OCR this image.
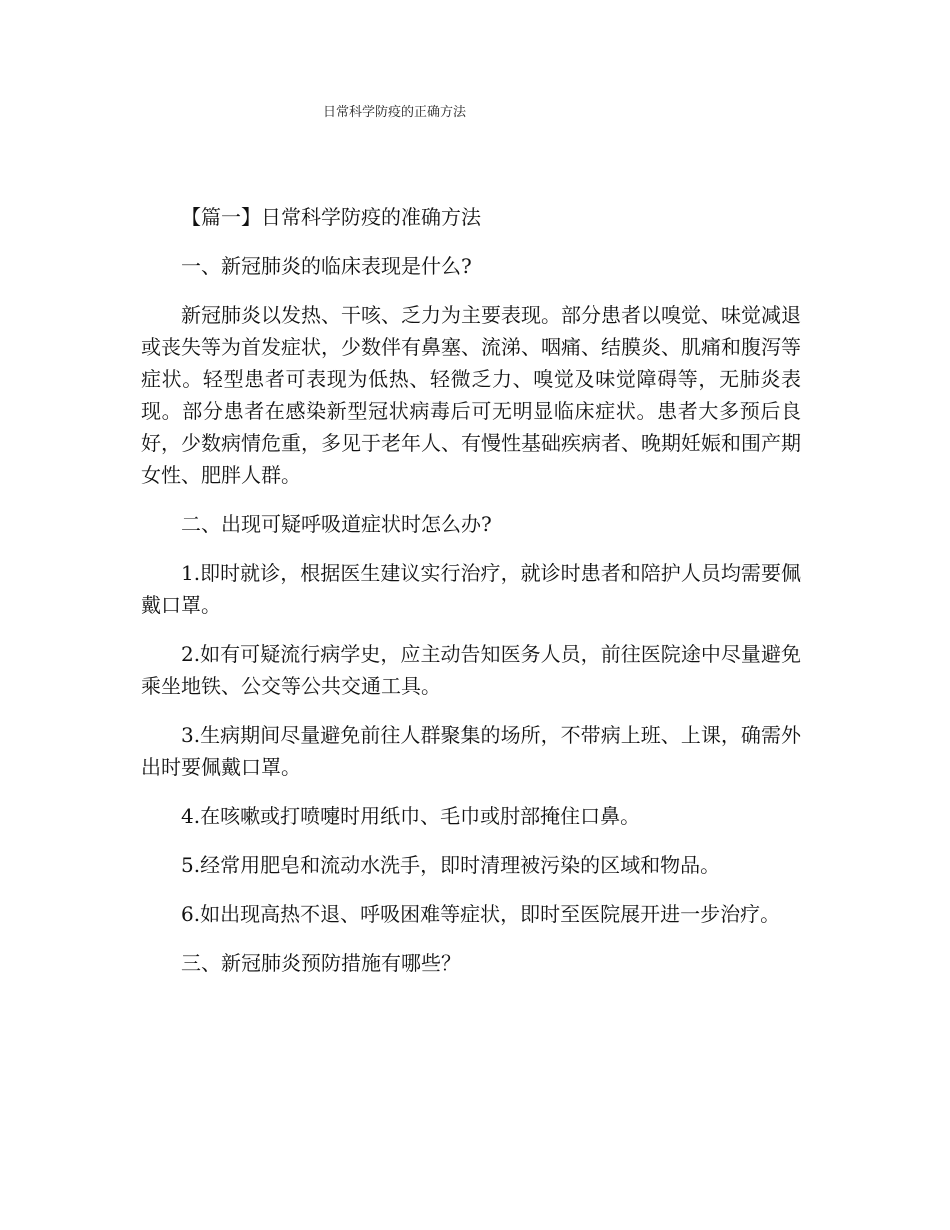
日常科学防疫的正确方法

【篇一】日常科学防疫的准确方法

一、新冠肺炎的临床表现是什么?

新冠肺炎以发热、干咳、乏力为主要表现。部分患者以嗅觉、味觉减退或丧失等为首发症状，少数伴有鼻塞、流涕、咽痛、结膜炎、肌痛和腹泻等症状。轻型患者可表现为低热、轻微乏力、嗅觉及味觉障碍等，无肺炎表现。部分患者在感染新型冠状病毒后可无明显临床症状。患者大多预后良好，少数病情危重，多见于老年人、有慢性基础疾病者、晚期妊娠和围产期女性、肥胖人群。

二、出现可疑呼吸道症状时怎么办?

1.即时就诊，根据医生建议实行治疗，就诊时患者和陪护人员均需要佩戴口罩。

2.如有可疑流行病学史，应主动告知医务人员，前往医院途中尽量避免乘坐地铁、公交等公共交通工具。

3.生病期间尽量避免前往人群聚集的场所，不带病上班、上课，确需外出时要佩戴口罩。

4.在咳嗽或打喷嚏时用纸巾、毛巾或肘部掩住口鼻。

5.经常用肥皂和流动水洗手，即时清理被污染的区域和物品。

6.如出现高热不退、呼吸困难等症状，即时至医院展开进一步治疗。

三、新冠肺炎预防措施有哪些？
